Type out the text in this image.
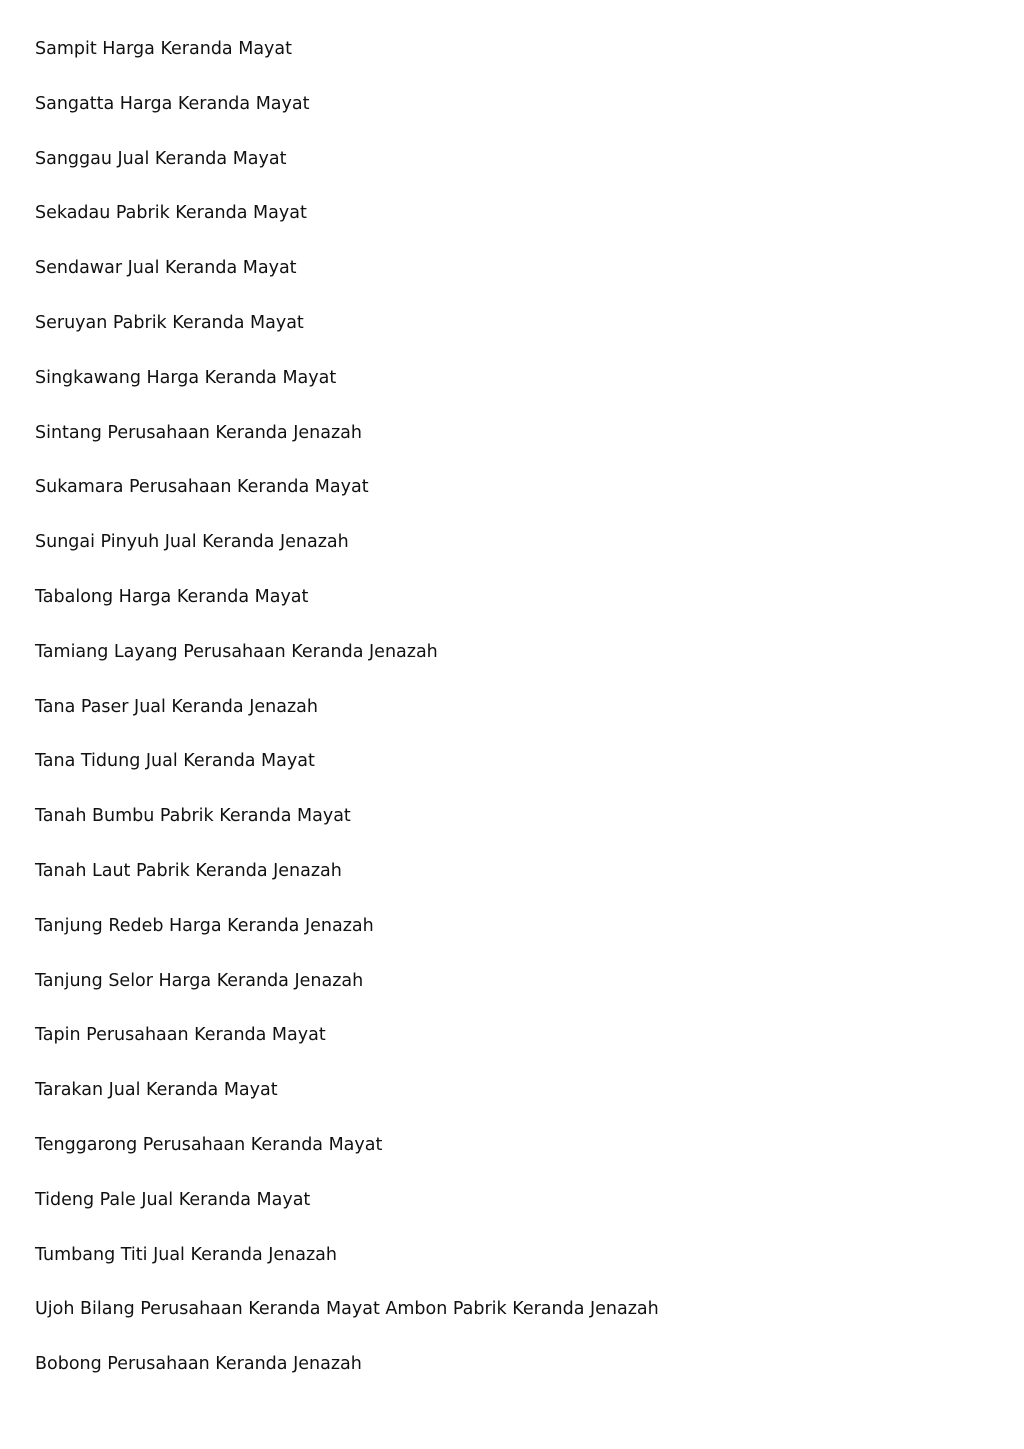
Sampit Harga Keranda Mayat
Sangatta Harga Keranda Mayat
Sanggau Jual Keranda Mayat
Sekadau Pabrik Keranda Mayat
Sendawar Jual Keranda Mayat
Seruyan Pabrik Keranda Mayat
Singkawang Harga Keranda Mayat
Sintang Perusahaan Keranda Jenazah
Sukamara Perusahaan Keranda Mayat
Sungai Pinyuh Jual Keranda Jenazah
Tabalong Harga Keranda Mayat
Tamiang Layang Perusahaan Keranda Jenazah
Tana Paser Jual Keranda Jenazah
Tana Tidung Jual Keranda Mayat
Tanah Bumbu Pabrik Keranda Mayat
Tanah Laut Pabrik Keranda Jenazah
Tanjung Redeb Harga Keranda Jenazah
Tanjung Selor Harga Keranda Jenazah
Tapin Perusahaan Keranda Mayat
Tarakan Jual Keranda Mayat
Tenggarong Perusahaan Keranda Mayat
Tideng Pale Jual Keranda Mayat
Tumbang Titi Jual Keranda Jenazah
Ujoh Bilang Perusahaan Keranda Mayat Ambon Pabrik Keranda Jenazah
Bobong Perusahaan Keranda Jenazah
